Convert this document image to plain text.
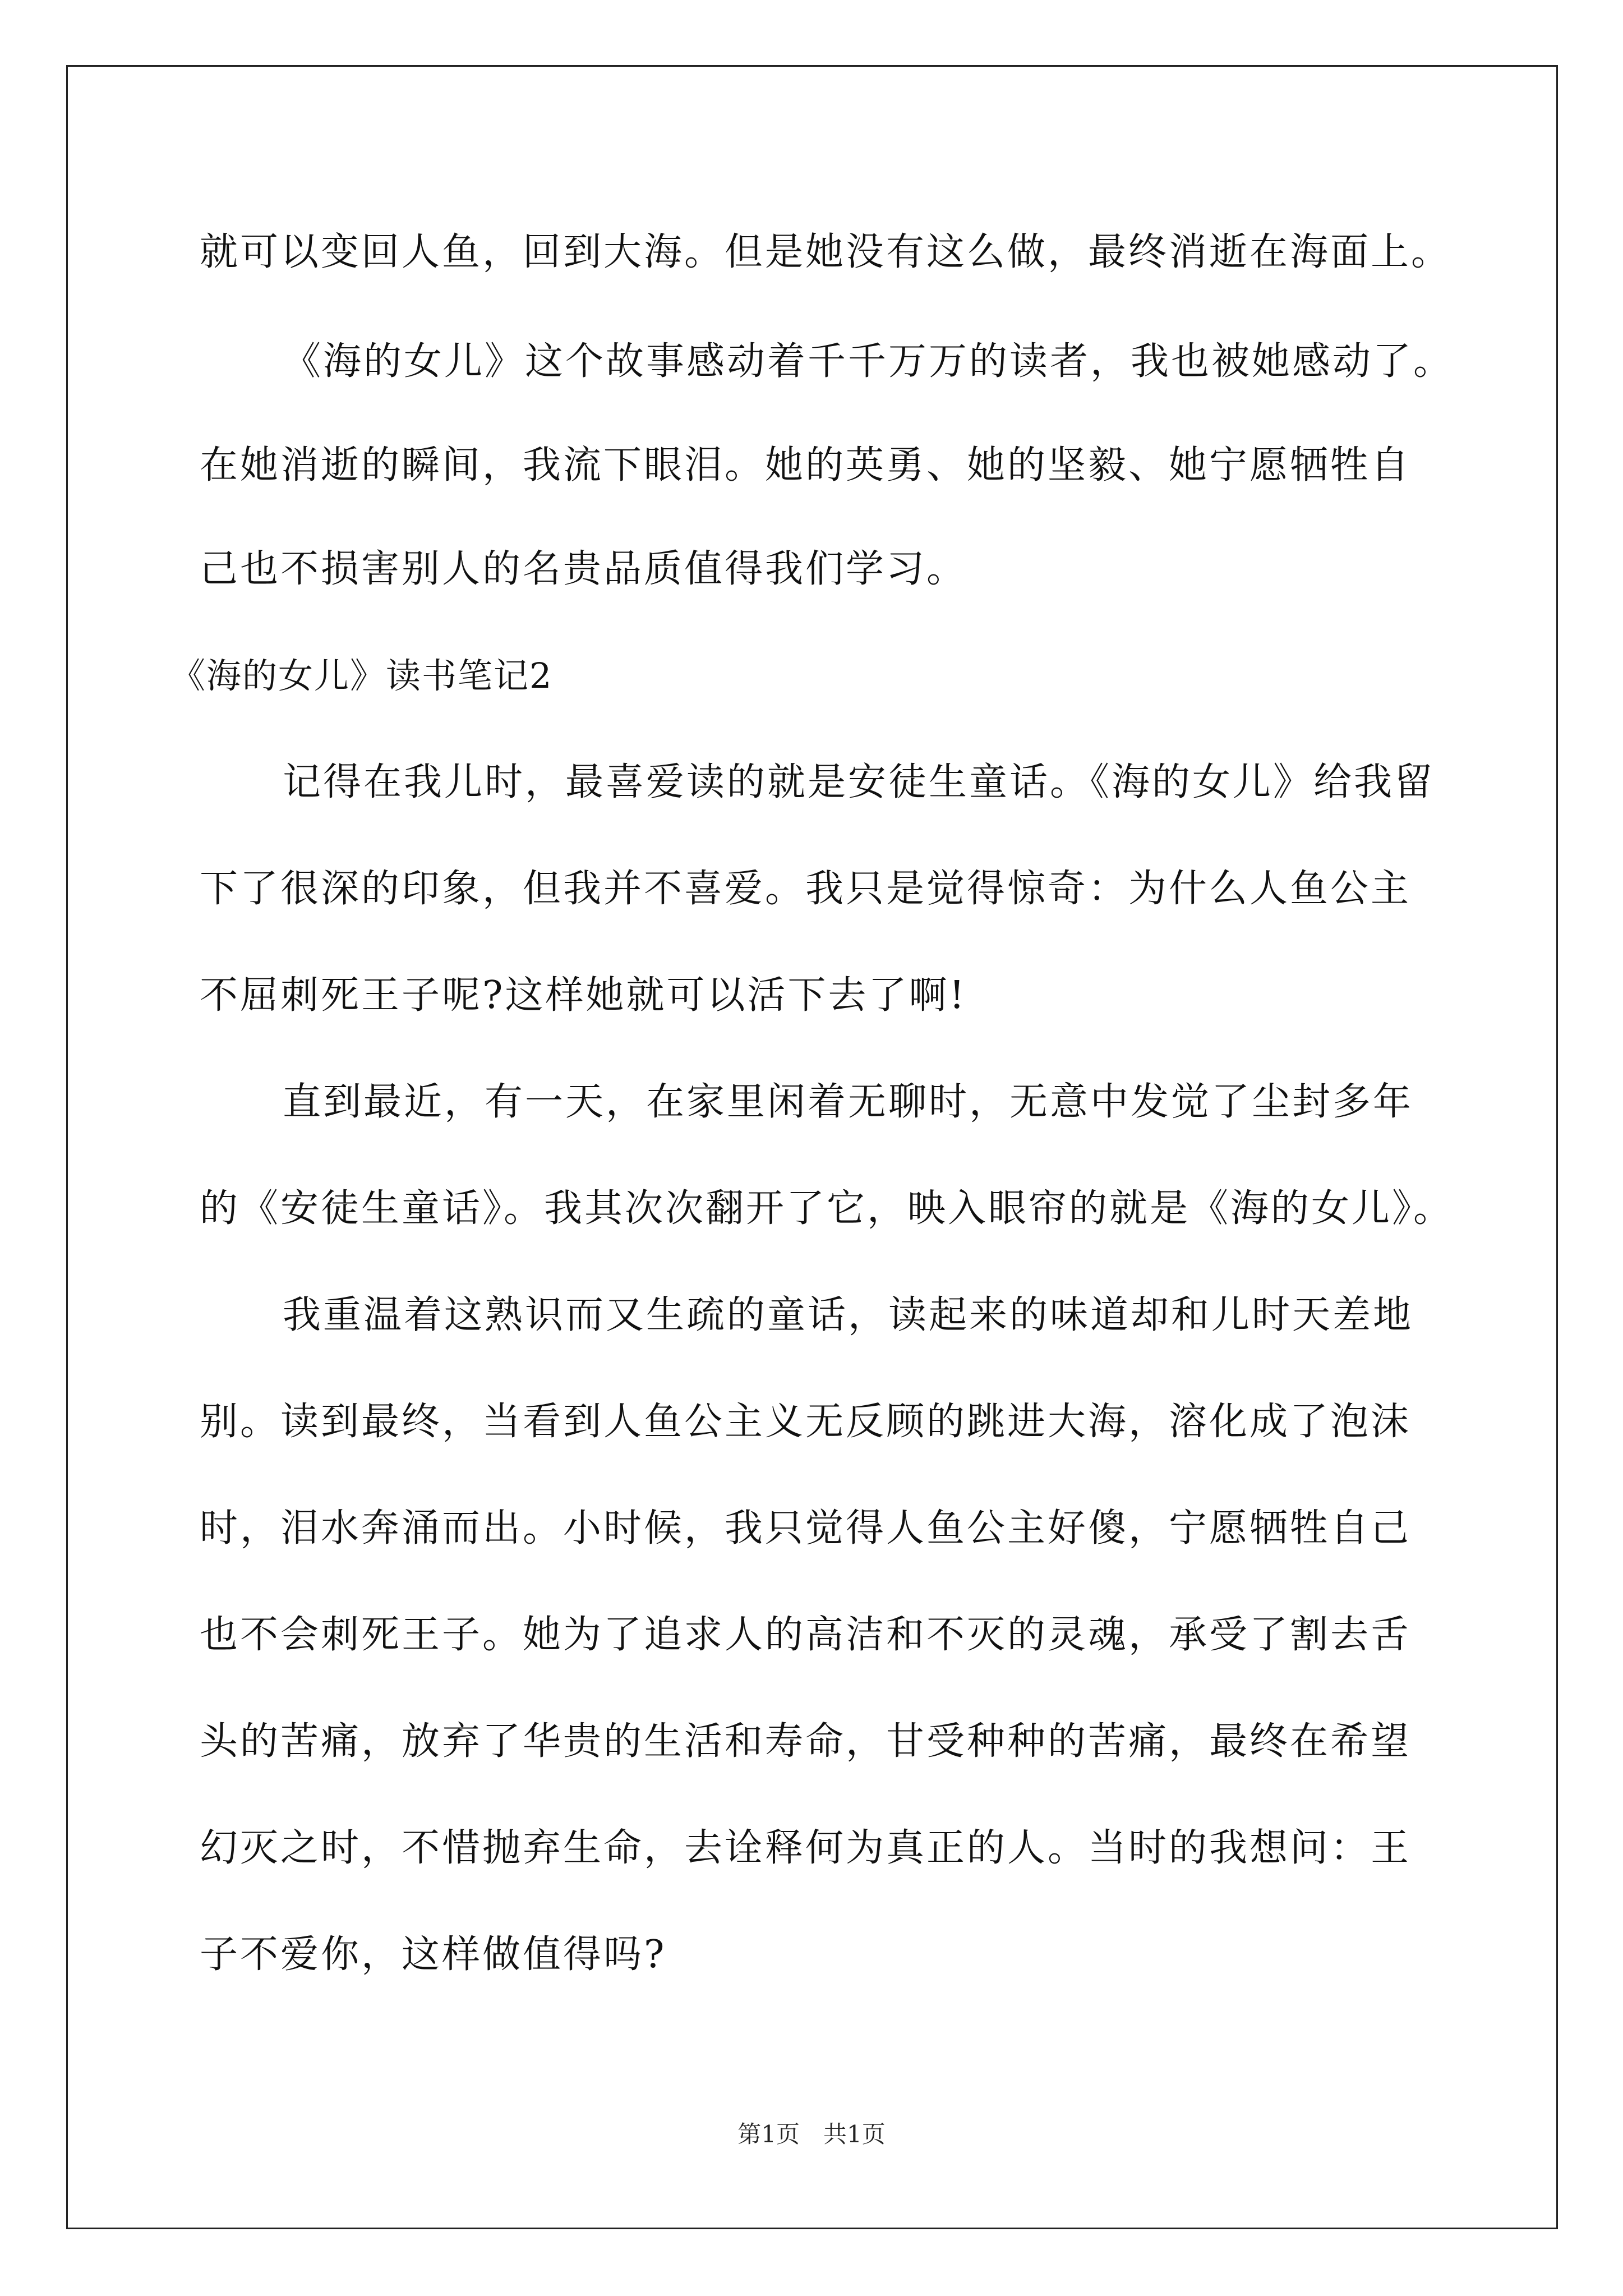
就可以变回人鱼，回到大海。但是她没有这么做，最终消逝在海面上。
《海的女儿》这个故事感动着千千万万的读者，我也被她感动了。
在她消逝的瞬间，我流下眼泪。她的英勇、她的坚毅、她宁愿牺牲自
己也不损害别人的名贵品质值得我们学习。
《海的女儿》读书笔记2
记得在我儿时，最喜爱读的就是安徒生童话。《海的女儿》给我留
下了很深的印象，但我并不喜爱。我只是觉得惊奇：为什么人鱼公主
不屈刺死王子呢?这样她就可以活下去了啊!
直到最近，有一天，在家里闲着无聊时，无意中发觉了尘封多年
的《安徒生童话》。我其次次翻开了它，映入眼帘的就是《海的女儿》。
我重温着这熟识而又生疏的童话，读起来的味道却和儿时天差地
别。读到最终，当看到人鱼公主义无反顾的跳进大海，溶化成了泡沫
时，泪水奔涌而出。小时候，我只觉得人鱼公主好傻，宁愿牺牲自己
也不会刺死王子。她为了追求人的高洁和不灭的灵魂，承受了割去舌
头的苦痛，放弃了华贵的生活和寿命，甘受种种的苦痛，最终在希望
幻灭之时，不惜抛弃生命，去诠释何为真正的人。当时的我想问：王
子不爱你，这样做值得吗?
第1页　共1页
